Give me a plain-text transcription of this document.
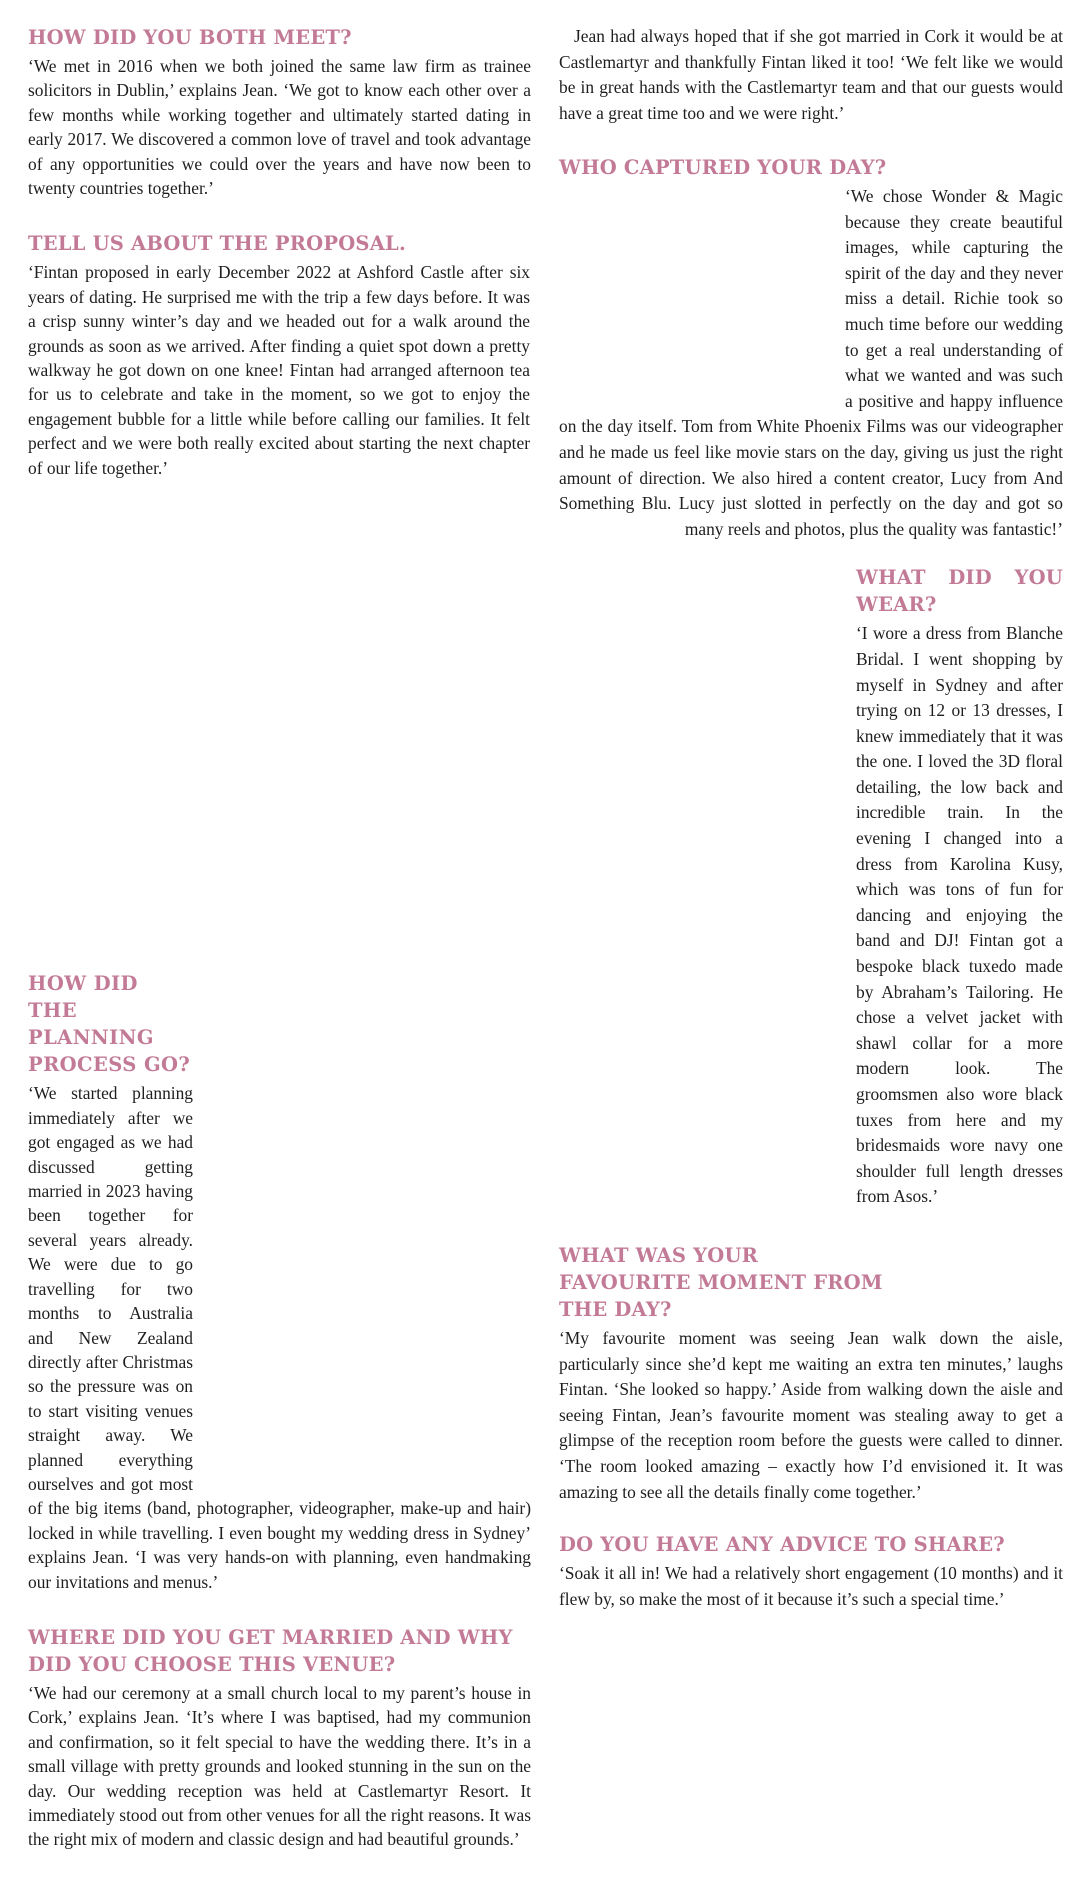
HOW DID YOU BOTH MEET?

‘We met in 2016 when we both joined the same law firm as trainee solicitors in Dublin,’ explains Jean. ‘We got to know each other over a few months while working together and ultimately started dating in early 2017. We discovered a common love of travel and took advantage of any opportunities we could over the years and have now been to twenty countries together.’

TELL US ABOUT THE PROPOSAL.

‘Fintan proposed in early December 2022 at Ashford Castle after six years of dating. He surprised me with the trip a few days before. It was a crisp sunny winter’s day and we headed out for a walk around the grounds as soon as we arrived. After finding a quiet spot down a pretty walkway he got down on one knee! Fintan had arranged afternoon tea for us to celebrate and take in the moment, so we got to enjoy the engagement bubble for a little while before calling our families. It felt perfect and we were both really excited about starting the next chapter of our life together.’

HOW DID THE PLANNING PROCESS GO?

‘We started planning immediately after we got engaged as we had discussed getting married in 2023 having been together for several years already. We were due to go travelling for two months to Australia and New Zealand directly after Christmas so the pressure was on to start visiting venues straight away. We planned everything ourselves and got most of the big items (band, photographer, videographer, make-up and hair) locked in while travelling. I even bought my wedding dress in Sydney’ explains Jean. ‘I was very hands-on with planning, even handmaking our invitations and menus.’

WHERE DID YOU GET MARRIED AND WHY DID YOU CHOOSE THIS VENUE?

‘We had our ceremony at a small church local to my parent’s house in Cork,’ explains Jean. ‘It’s where I was baptised, had my communion and confirmation, so it felt special to have the wedding there. It’s in a small village with pretty grounds and looked stunning in the sun on the day. Our wedding reception was held at Castlemartyr Resort. It immediately stood out from other venues for all the right reasons. It was the right mix of modern and classic design and had beautiful grounds.’

Jean had always hoped that if she got married in Cork it would be at Castlemartyr and thankfully Fintan liked it too! ‘We felt like we would be in great hands with the Castlemartyr team and that our guests would have a great time too and we were right.’

WHO CAPTURED YOUR DAY?

‘We chose Wonder & Magic because they create beautiful images, while capturing the spirit of the day and they never miss a detail. Richie took so much time before our wedding to get a real understanding of what we wanted and was such a positive and happy influence on the day itself. Tom from White Phoenix Films was our videographer and he made us feel like movie stars on the day, giving us just the right amount of direction. We also hired a content creator, Lucy from And Something Blu. Lucy just slotted in perfectly on the day and got so many reels and photos, plus the quality was fantastic!’

WHAT DID YOU WEAR?

‘I wore a dress from Blanche Bridal. I went shopping by myself in Sydney and after trying on 12 or 13 dresses, I knew immediately that it was the one. I loved the 3D floral detailing, the low back and incredible train. In the evening I changed into a dress from Karolina Kusy, which was tons of fun for dancing and enjoying the band and DJ! Fintan got a bespoke black tuxedo made by Abraham’s Tailoring. He chose a velvet jacket with shawl collar for a more modern look. The groomsmen also wore black tuxes from here and my bridesmaids wore navy one shoulder full length dresses from Asos.’

WHAT WAS YOUR FAVOURITE MOMENT FROM THE DAY?

‘My favourite moment was seeing Jean walk down the aisle, particularly since she’d kept me waiting an extra ten minutes,’ laughs Fintan. ‘She looked so happy.’ Aside from walking down the aisle and seeing Fintan, Jean’s favourite moment was stealing away to get a glimpse of the reception room before the guests were called to dinner. ‘The room looked amazing – exactly how I’d envisioned it. It was amazing to see all the details finally come together.’

DO YOU HAVE ANY ADVICE TO SHARE?

‘Soak it all in! We had a relatively short engagement (10 months) and it flew by, so make the most of it because it’s such a special time.’
